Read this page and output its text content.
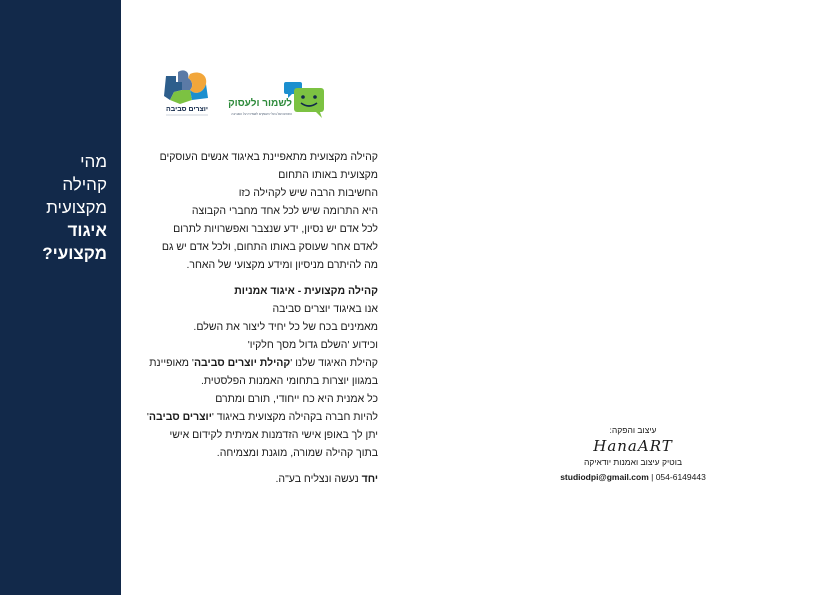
מהי
קהילה
מקצועית
איגוד
מקצועי?
יוצרים סביבה
לשמור ולעסוק
הפורום של בעלי העסקים לשמירה על הסביבה
קהילה מקצועית מתאפיינת באיגוד אנשים העוסקים
מקצועית באותו התחום
החשיבות הרבה שיש לקהילה כזו
היא התרומה שיש לכל אחד מחברי הקבוצה
לכל אדם יש נסיון, ידע שנצבר ואפשרויות לתרום
לאדם אחר שעוסק באותו התחום, ולכל אדם יש גם
מה להיתרם מניסיון ומידע מקצועי של האחר.
קהילה מקצועית - איגוד אמניות
אנו באיגוד יוצרים סביבה
מאמינים בכח של כל יחיד ליצור את השלם.
וכידוע 'השלם גדול מסך חלקיו'
קהילת האיגוד שלנו 'קהילת יוצרים סביבה' מאופיינת
במגוון יוצרות בתחומי האמנות הפלסטית.
כל אמנית היא כח ייחודי, תורם ומתרם
להיות חברה בקהילה מקצועית באיגוד 'יוצרים סביבה'
יתן לך באופן אישי הזדמנות אמיתית לקידום אישי
בתוך קהילה שמורה, מוגנת ומצמיחה.
יחד נעשה ונצליח בע"ה.
עיצוב והפקה:
HanaART
בוטיק עיצוב ואמנות יודאיקה
studiodpi@gmail.com | 054-6149443
